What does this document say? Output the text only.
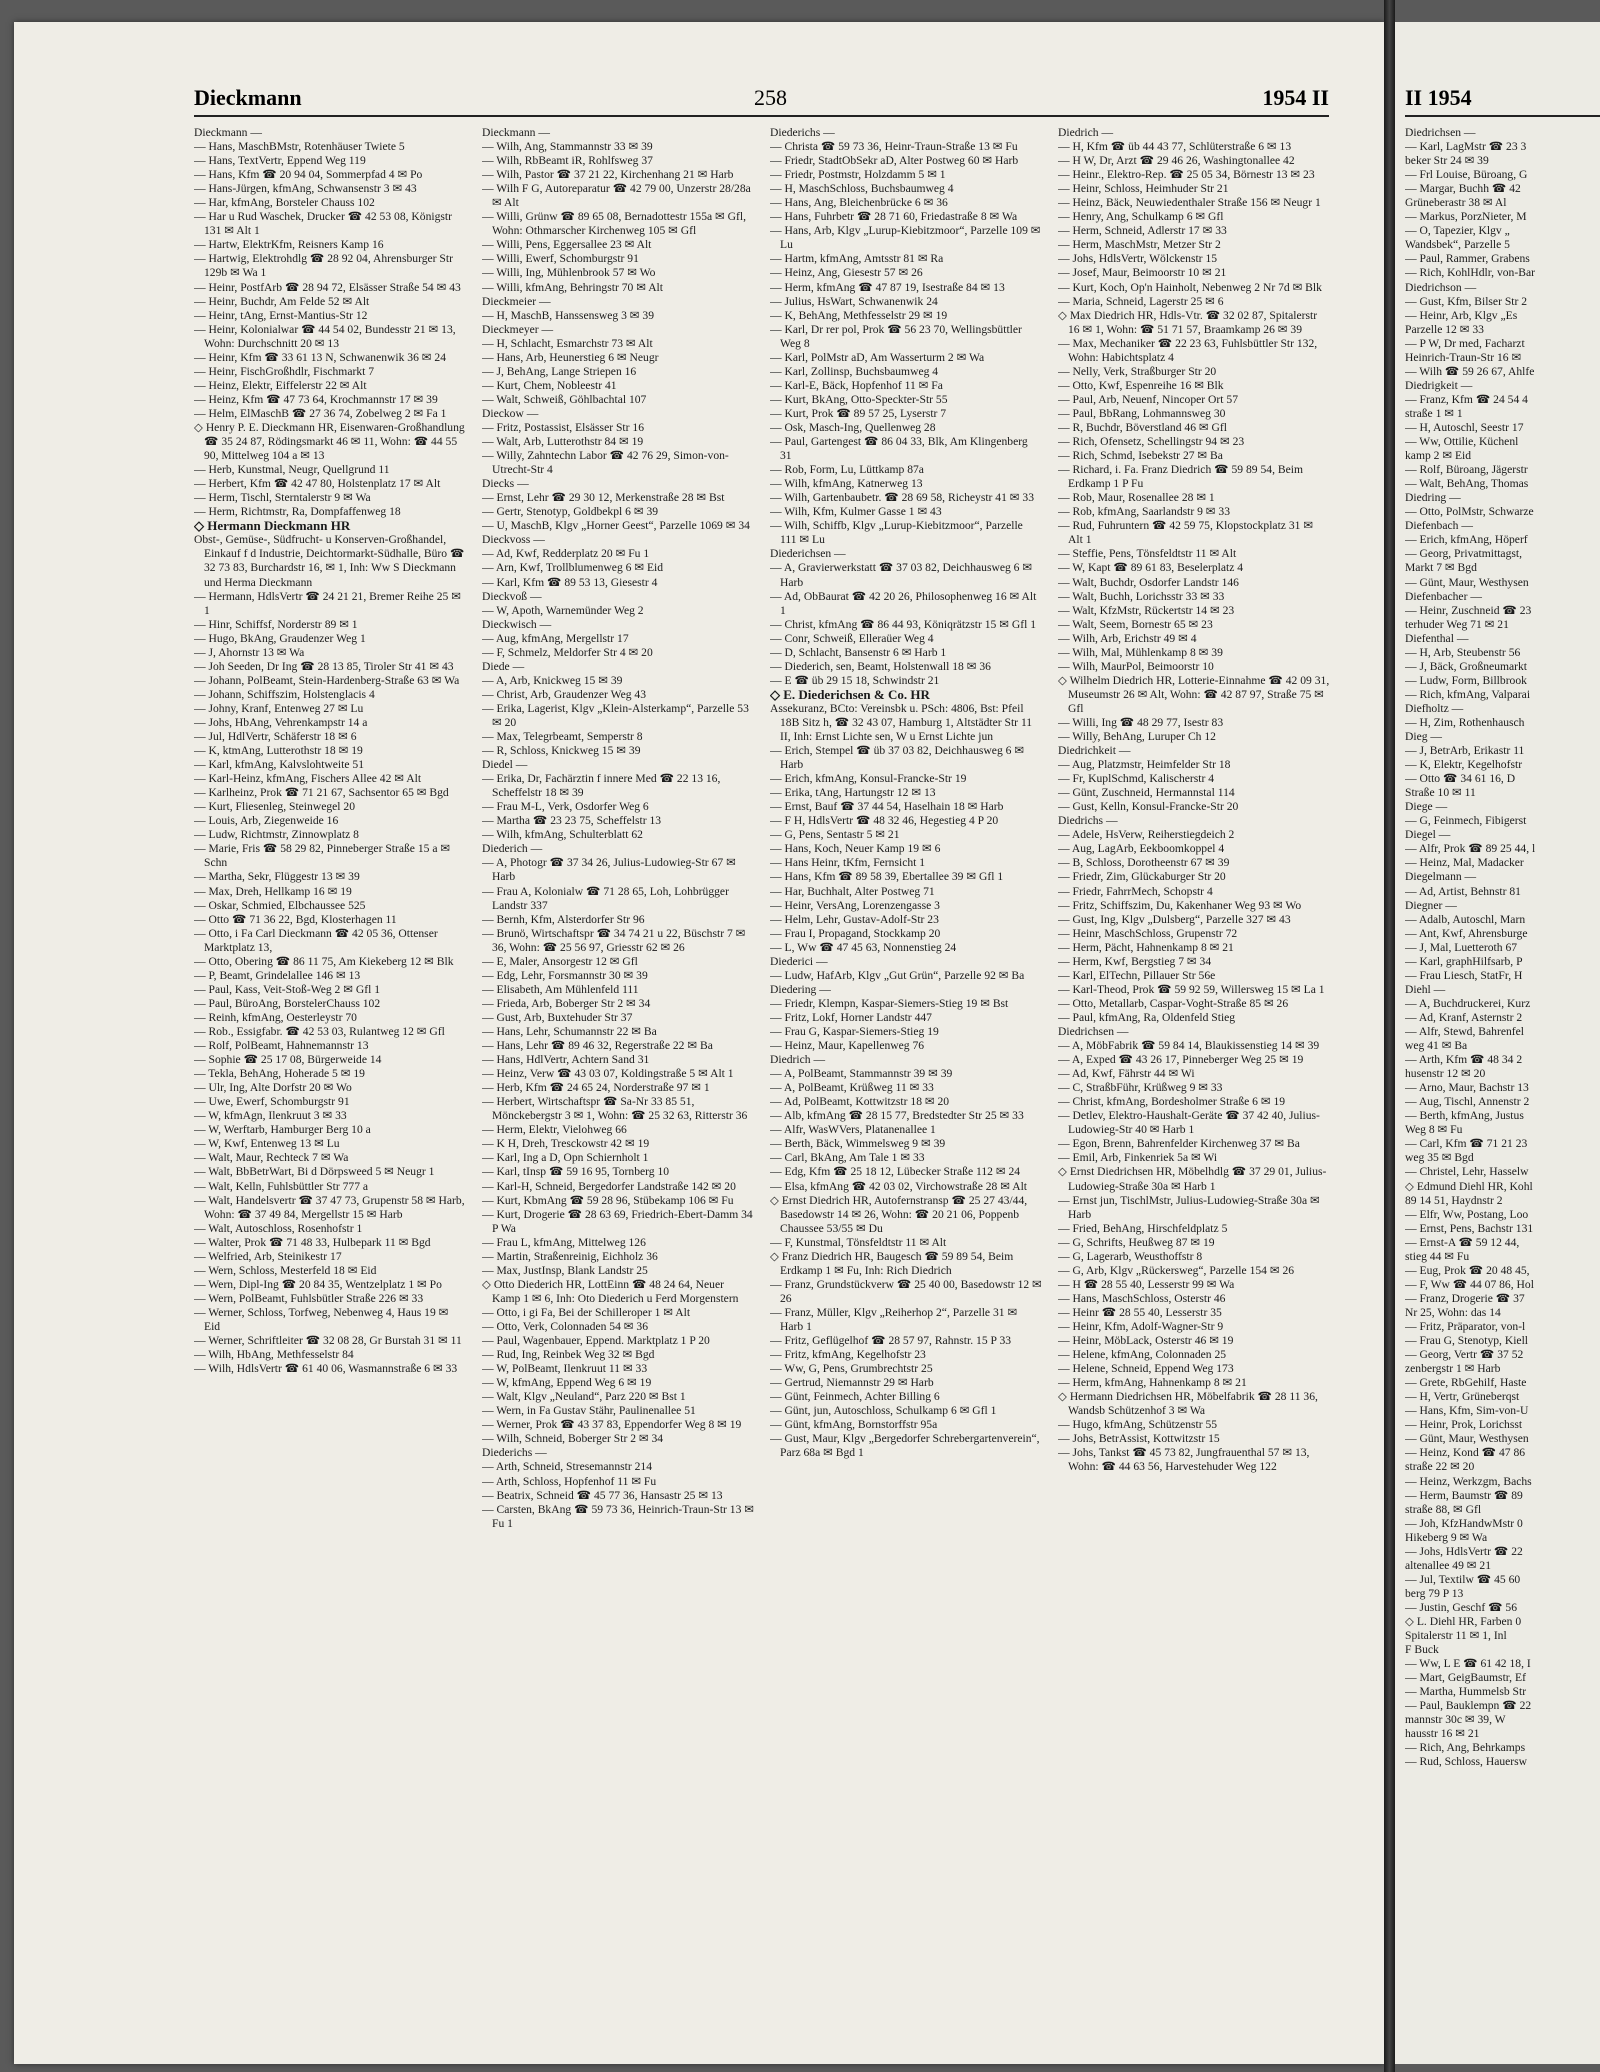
Dieckmann	258	1954 II
Dieckmann —
— Hans, MaschBMstr, Rotenhäuser Twiete 5
— Hans, TextVertr, Eppend Weg 119
— Hans, Kfm ☎ 20 94 04, Sommerpfad 4 ✉ Po
— Hans-Jürgen, kfmAng, Schwansenstr 3 ✉ 43
— Har, kfmAng, Borsteler Chauss 102
— Har u Rud Waschek, Drucker ☎ 42 53 08, Königstr 131 ✉ Alt 1
— Hartw, ElektrKfm, Reisners Kamp 16
— Hartwig, Elektrohdlg ☎ 28 92 04, Ahrensburger Str 129b ✉ Wa 1
— Heinr, PostfArb ☎ 28 94 72, Elsässer Straße 54 ✉ 43
— Heinr, Buchdr, Am Felde 52 ✉ Alt
— Heinr, tAng, Ernst-Mantius-Str 12
— Heinr, Kolonialwar ☎ 44 54 02, Bundesstr 21 ✉ 13, Wohn: Durchschnitt 20 ✉ 13
— Heinr, Kfm ☎ 33 61 13 N, Schwanenwik 36 ✉ 24
— Heinr, FischGroßhdlr, Fischmarkt 7
— Heinz, Elektr, Eiffelerstr 22 ✉ Alt
— Heinz, Kfm ☎ 47 73 64, Krochmannstr 17 ✉ 39
— Helm, ElMaschB ☎ 27 36 74, Zobelweg 2 ✉ Fa 1
◇ Henry P. E. Dieckmann HR, Eisenwaren-Großhandlung ☎ 35 24 87, Rödingsmarkt 46 ✉ 11, Wohn: ☎ 44 55 90, Mittelweg 104 a ✉ 13
— Herb, Kunstmal, Neugr, Quellgrund 11
— Herbert, Kfm ☎ 42 47 80, Holstenplatz 17 ✉ Alt
— Herm, Tischl, Sterntalerstr 9 ✉ Wa
— Herm, Richtmstr, Ra, Dompfaffenweg 18
◇ Hermann Dieckmann HR
Obst-, Gemüse-, Südfrucht- u Konserven-Großhandel, Einkauf f d Industrie, Deichtormarkt-Südhalle, Büro ☎ 32 73 83, Burchardstr 16, ✉ 1, Inh: Ww S Dieckmann und Herma Dieckmann
— Hermann, HdlsVertr ☎ 24 21 21, Bremer Reihe 25 ✉ 1
— Hinr, Schiffsf, Norderstr 89 ✉ 1
— Hugo, BkAng, Graudenzer Weg 1
— J, Ahornstr 13 ✉ Wa
— Joh Seeden, Dr Ing ☎ 28 13 85, Tiroler Str 41 ✉ 43
— Johann, PolBeamt, Stein-Hardenberg-Straße 63 ✉ Wa
— Johann, Schiffszim, Holstenglacis 4
— Johny, Kranf, Entenweg 27 ✉ Lu
— Johs, HbAng, Vehrenkampstr 14 a
— Jul, HdlVertr, Schäferstr 18 ✉ 6
— K, ktmAng, Lutterothstr 18 ✉ 19
— Karl, kfmAng, Kalvslohtweite 51
— Karl-Heinz, kfmAng, Fischers Allee 42 ✉ Alt
— Karlheinz, Prok ☎ 71 21 67, Sachsentor 65 ✉ Bgd
— Kurt, Fliesenleg, Steinwegel 20
— Louis, Arb, Ziegenweide 16
— Ludw, Richtmstr, Zinnowplatz 8
— Marie, Fris ☎ 58 29 82, Pinneberger Straße 15 a ✉ Schn
— Martha, Sekr, Flüggestr 13 ✉ 39
— Max, Dreh, Hellkamp 16 ✉ 19
— Oskar, Schmied, Elbchaussee 525
— Otto ☎ 71 36 22, Bgd, Klosterhagen 11
— Otto, i Fa Carl Dieckmann ☎ 42 05 36, Ottenser Marktplatz 13,
— Otto, Obering ☎ 86 11 75, Am Kiekeberg 12 ✉ Blk
— P, Beamt, Grindelallee 146 ✉ 13
— Paul, Kass, Veit-Stoß-Weg 2 ✉ Gfl 1
— Paul, BüroAng, BorstelerChauss 102
— Reinh, kfmAng, Oesterleystr 70
— Rob., Essigfabr. ☎ 42 53 03, Rulantweg 12 ✉ Gfl
— Rolf, PolBeamt, Hahnemannstr 13
— Sophie ☎ 25 17 08, Bürgerweide 14
— Tekla, BehAng, Hoherade 5 ✉ 19
— Ulr, Ing, Alte Dorfstr 20 ✉ Wo
— Uwe, Ewerf, Schomburgstr 91
— W, kfmAgn, Ilenkruut 3 ✉ 33
— W, Werftarb, Hamburger Berg 10 a
— W, Kwf, Entenweg 13 ✉ Lu
— Walt, Maur, Rechteck 7 ✉ Wa
— Walt, BbBetrWart, Bi d Dörpsweed 5 ✉ Neugr 1
— Walt, Kelln, Fuhlsbüttler Str 777 a
— Walt, Handelsvertr ☎ 37 47 73, Grupenstr 58 ✉ Harb, Wohn: ☎ 37 49 84, Mergellstr 15 ✉ Harb
— Walt, Autoschloss, Rosenhofstr 1
— Walter, Prok ☎ 71 48 33, Hulbepark 11 ✉ Bgd
— Welfried, Arb, Steinikestr 17
— Wern, Schloss, Mesterfeld 18 ✉ Eid
— Wern, Dipl-Ing ☎ 20 84 35, Wentzelplatz 1 ✉ Po
— Wern, PolBeamt, Fuhlsbütler Straße 226 ✉ 33
— Werner, Schloss, Torfweg, Nebenweg 4, Haus 19 ✉ Eid
— Werner, Schriftleiter ☎ 32 08 28, Gr Burstah 31 ✉ 11
— Wilh, HbAng, Methfesselstr 84
— Wilh, HdlsVertr ☎ 61 40 06, Wasmannstraße 6 ✉ 33
Dieckmann —
— Wilh, Ang, Stammannstr 33 ✉ 39
— Wilh, RbBeamt iR, Rohlfsweg 37
— Wilh, Pastor ☎ 37 21 22, Kirchenhang 21 ✉ Harb
— Wilh F G, Autoreparatur ☎ 42 79 00, Unzerstr 28/28a ✉ Alt
— Willi, Grünw ☎ 89 65 08, Bernadottestr 155a ✉ Gfl, Wohn: Othmarscher Kirchenweg 105 ✉ Gfl
— Willi, Pens, Eggersallee 23 ✉ Alt
— Willi, Ewerf, Schomburgstr 91
— Willi, Ing, Mühlenbrook 57 ✉ Wo
— Willi, kfmAng, Behringstr 70 ✉ Alt
Dieckmeier —
— H, MaschB, Hanssensweg 3 ✉ 39
Dieckmeyer —
— H, Schlacht, Esmarchstr 73 ✉ Alt
— Hans, Arb, Heunerstieg 6 ✉ Neugr
— J, BehAng, Lange Striepen 16
— Kurt, Chem, Nobleestr 41
— Walt, Schweiß, Göhlbachtal 107
Dieckow —
— Fritz, Postassist, Elsässer Str 16
— Walt, Arb, Lutterothstr 84 ✉ 19
— Willy, Zahntechn Labor ☎ 42 76 29, Simon-von-Utrecht-Str 4
Diecks —
— Ernst, Lehr ☎ 29 30 12, Merkenstraße 28 ✉ Bst
— Gertr, Stenotyp, Goldbekpl 6 ✉ 39
— U, MaschB, Klgv „Horner Geest“, Parzelle 1069 ✉ 34
Dieckvoss —
— Ad, Kwf, Redderplatz 20 ✉ Fu 1
— Arn, Kwf, Trollblumenweg 6 ✉ Eid
— Karl, Kfm ☎ 89 53 13, Giesestr 4
Dieckvoß —
— W, Apoth, Warnemünder Weg 2
Dieckwisch —
— Aug, kfmAng, Mergellstr 17
— F, Schmelz, Meldorfer Str 4 ✉ 20
Diede —
— A, Arb, Knickweg 15 ✉ 39
— Christ, Arb, Graudenzer Weg 43
— Erika, Lagerist, Klgv „Klein-Alsterkamp“, Parzelle 53 ✉ 20
— Max, Telegrbeamt, Semperstr 8
— R, Schloss, Knickweg 15 ✉ 39
Diedel —
— Erika, Dr, Fachärztin f innere Med ☎ 22 13 16, Scheffelstr 18 ✉ 39
— Frau M-L, Verk, Osdorfer Weg 6
— Martha ☎ 23 23 75, Scheffelstr 13
— Wilh, kfmAng, Schulterblatt 62
Diederich —
— A, Photogr ☎ 37 34 26, Julius-Ludowieg-Str 67 ✉ Harb
— Frau A, Kolonialw ☎ 71 28 65, Loh, Lohbrügger Landstr 337
— Bernh, Kfm, Alsterdorfer Str 96
— Brunö, Wirtschaftspr ☎ 34 74 21 u 22, Büschstr 7 ✉ 36, Wohn: ☎ 25 56 97, Griesstr 62 ✉ 26
— E, Maler, Ansorgestr 12 ✉ Gfl
— Edg, Lehr, Forsmannstr 30 ✉ 39
— Elisabeth, Am Mühlenfeld 111
— Frieda, Arb, Boberger Str 2 ✉ 34
— Gust, Arb, Buxtehuder Str 37
— Hans, Lehr, Schumannstr 22 ✉ Ba
— Hans, Lehr ☎ 89 46 32, Regerstraße 22 ✉ Ba
— Hans, HdlVertr, Achtern Sand 31
— Heinz, Verw ☎ 43 03 07, Koldingstraße 5 ✉ Alt 1
— Herb, Kfm ☎ 24 65 24, Norderstraße 97 ✉ 1
— Herbert, Wirtschaftspr ☎ Sa-Nr 33 85 51, Mönckebergstr 3 ✉ 1, Wohn: ☎ 25 32 63, Ritterstr 36
— Herm, Elektr, Vielohweg 66
— K H, Dreh, Tresckowstr 42 ✉ 19
— Karl, Ing a D, Opn Schiernholt 1
— Karl, tInsp ☎ 59 16 95, Tornberg 10
— Karl-H, Schneid, Bergedorfer Landstraße 142 ✉ 20
— Kurt, KbmAng ☎ 59 28 96, Stübekamp 106 ✉ Fu
— Kurt, Drogerie ☎ 28 63 69, Friedrich-Ebert-Damm 34 P Wa
— Frau L, kfmAng, Mittelweg 126
— Martin, Straßenreinig, Eichholz 36
— Max, JustInsp, Blank Landstr 25
◇ Otto Diederich HR, LottEinn ☎ 48 24 64, Neuer Kamp 1 ✉ 6, Inh: Oto Diederich u Ferd Morgenstern
— Otto, i gi Fa, Bei der Schilleroper 1 ✉ Alt
— Otto, Verk, Colonnaden 54 ✉ 36
— Paul, Wagenbauer, Eppend. Marktplatz 1 P 20
— Rud, Ing, Reinbek Weg 32 ✉ Bgd
— W, PolBeamt, Ilenkruut 11 ✉ 33
— W, kfmAng, Eppend Weg 6 ✉ 19
— Walt, Klgv „Neuland“, Parz 220 ✉ Bst 1
— Wern, in Fa Gustav Stähr, Paulinenallee 51
— Werner, Prok ☎ 43 37 83, Eppendorfer Weg 8 ✉ 19
— Wilh, Schneid, Boberger Str 2 ✉ 34
Diederichs —
— Arth, Schneid, Stresemannstr 214
— Arth, Schloss, Hopfenhof 11 ✉ Fu
— Beatrix, Schneid ☎ 45 77 36, Hansastr 25 ✉ 13
— Carsten, BkAng ☎ 59 73 36, Heinrich-Traun-Str 13 ✉ Fu 1
Diederichs —
— Christa ☎ 59 73 36, Heinr-Traun-Straße 13 ✉ Fu
— Friedr, StadtObSekr aD, Alter Postweg 60 ✉ Harb
— Friedr, Postmstr, Holzdamm 5 ✉ 1
— H, MaschSchloss, Buchsbaumweg 4
— Hans, Ang, Bleichenbrücke 6 ✉ 36
— Hans, Fuhrbetr ☎ 28 71 60, Friedastraße 8 ✉ Wa
— Hans, Arb, Klgv „Lurup-Kiebitzmoor“, Parzelle 109 ✉ Lu
— Hartm, kfmAng, Amtsstr 81 ✉ Ra
— Heinz, Ang, Giesestr 57 ✉ 26
— Herm, kfmAng ☎ 47 87 19, Isestraße 84 ✉ 13
— Julius, HsWart, Schwanenwik 24
— K, BehAng, Methfesselstr 29 ✉ 19
— Karl, Dr rer pol, Prok ☎ 56 23 70, Wellingsbüttler Weg 8
— Karl, PolMstr aD, Am Wasserturm 2 ✉ Wa
— Karl, Zollinsp, Buchsbaumweg 4
— Karl-E, Bäck, Hopfenhof 11 ✉ Fa
— Kurt, BkAng, Otto-Speckter-Str 55
— Kurt, Prok ☎ 89 57 25, Lyserstr 7
— Osk, Masch-Ing, Quellenweg 28
— Paul, Gartengest ☎ 86 04 33, Blk, Am Klingenberg 31
— Rob, Form, Lu, Lüttkamp 87a
— Wilh, kfmAng, Katnerweg 13
— Wilh, Gartenbaubetr. ☎ 28 69 58, Richeystr 41 ✉ 33
— Wilh, Kfm, Kulmer Gasse 1 ✉ 43
— Wilh, Schiffb, Klgv „Lurup-Kiebitzmoor“, Parzelle 111 ✉ Lu
Diederichsen —
— A, Gravierwerkstatt ☎ 37 03 82, Deichhausweg 6 ✉ Harb
— Ad, ObBaurat ☎ 42 20 26, Philosophenweg 16 ✉ Alt 1
— Christ, kfmAng ☎ 86 44 93, Köniqrätzstr 15 ✉ Gfl 1
— Conr, Schweiß, Elleraüer Weg 4
— D, Schlacht, Bansenstr 6 ✉ Harb 1
— Diederich, sen, Beamt, Holstenwall 18 ✉ 36
— E ☎ üb 29 15 18, Schwindstr 21
◇ E. Diederichsen & Co. HR
Assekuranz, BCto: Vereinsbk u. PSch: 4806, Bst: Pfeil 18B Sitz h, ☎ 32 43 07, Hamburg 1, Altstädter Str 11 II, Inh: Ernst Lichte sen, W u Ernst Lichte jun
— Erich, Stempel ☎ üb 37 03 82, Deichhausweg 6 ✉ Harb
— Erich, kfmAng, Konsul-Francke-Str 19
— Erika, tAng, Hartungstr 12 ✉ 13
— Ernst, Bauf ☎ 37 44 54, Haselhain 18 ✉ Harb
— F H, HdlsVertr ☎ 48 32 46, Hegestieg 4 P 20
— G, Pens, Sentastr 5 ✉ 21
— Hans, Koch, Neuer Kamp 19 ✉ 6
— Hans Heinr, tKfm, Fernsicht 1
— Hans, Kfm ☎ 89 58 39, Ebertallee 39 ✉ Gfl 1
— Har, Buchhalt, Alter Postweg 71
— Heinr, VersAng, Lorenzengasse 3
— Helm, Lehr, Gustav-Adolf-Str 23
— Frau I, Propagand, Stockkamp 20
— L, Ww ☎ 47 45 63, Nonnenstieg 24
Diederici —
— Ludw, HafArb, Klgv „Gut Grün“, Parzelle 92 ✉ Ba
Diedering —
— Friedr, Klempn, Kaspar-Siemers-Stieg 19 ✉ Bst
— Fritz, Lokf, Horner Landstr 447
— Frau G, Kaspar-Siemers-Stieg 19
— Heinz, Maur, Kapellenweg 76
Diedrich —
— A, PolBeamt, Stammannstr 39 ✉ 39
— A, PolBeamt, Krüßweg 11 ✉ 33
— Ad, PolBeamt, Kottwitzstr 18 ✉ 20
— Alb, kfmAng ☎ 28 15 77, Bredstedter Str 25 ✉ 33
— Alfr, WasWVers, Platanenallee 1
— Berth, Bäck, Wimmelsweg 9 ✉ 39
— Carl, BkAng, Am Tale 1 ✉ 33
— Edg, Kfm ☎ 25 18 12, Lübecker Straße 112 ✉ 24
— Elsa, kfmAng ☎ 42 03 02, Virchowstraße 28 ✉ Alt
◇ Ernst Diedrich HR, Autofernstransp ☎ 25 27 43/44, Basedowstr 14 ✉ 26, Wohn: ☎ 20 21 06, Poppenb Chaussee 53/55 ✉ Du
— F, Kunstmal, Tönsfeldtstr 11 ✉ Alt
◇ Franz Diedrich HR, Baugesch ☎ 59 89 54, Beim Erdkamp 1 ✉ Fu, Inh: Rich Diedrich
— Franz, Grundstückverw ☎ 25 40 00, Basedowstr 12 ✉ 26
— Franz, Müller, Klgv „Reiherhop 2“, Parzelle 31 ✉ Harb 1
— Fritz, Geflügelhof ☎ 28 57 97, Rahnstr. 15 P 33
— Fritz, kfmAng, Kegelhofstr 23
— Ww, G, Pens, Grumbrechtstr 25
— Gertrud, Niemannstr 29 ✉ Harb
— Günt, Feinmech, Achter Billing 6
— Günt, jun, Autoschloss, Schulkamp 6 ✉ Gfl 1
— Günt, kfmAng, Bornstorffstr 95a
— Gust, Maur, Klgv „Bergedorfer Schrebergartenverein“, Parz 68a ✉ Bgd 1
Diedrich —
— H, Kfm ☎ üb 44 43 77, Schlüterstraße 6 ✉ 13
— H W, Dr, Arzt ☎ 29 46 26, Washingtonallee 42
— Heinr., Elektro-Rep. ☎ 25 05 34, Börnestr 13 ✉ 23
— Heinr, Schloss, Heimhuder Str 21
— Heinz, Bäck, Neuwiedenthaler Straße 156 ✉ Neugr 1
— Henry, Ang, Schulkamp 6 ✉ Gfl
— Herm, Schneid, Adlerstr 17 ✉ 33
— Herm, MaschMstr, Metzer Str 2
— Johs, HdlsVertr, Wölckenstr 15
— Josef, Maur, Beimoorstr 10 ✉ 21
— Kurt, Koch, Op'n Hainholt, Nebenweg 2 Nr 7d ✉ Blk
— Maria, Schneid, Lagerstr 25 ✉ 6
◇ Max Diedrich HR, Hdls-Vtr. ☎ 32 02 87, Spitalerstr 16 ✉ 1, Wohn: ☎ 51 71 57, Braamkamp 26 ✉ 39
— Max, Mechaniker ☎ 22 23 63, Fuhlsbüttler Str 132, Wohn: Habichtsplatz 4
— Nelly, Verk, Straßburger Str 20
— Otto, Kwf, Espenreihe 16 ✉ Blk
— Paul, Arb, Neuenf, Nincoper Ort 57
— Paul, BbRang, Lohmannsweg 30
— R, Buchdr, Böverstland 46 ✉ Gfl
— Rich, Ofensetz, Schellingstr 94 ✉ 23
— Rich, Schmd, Isebekstr 27 ✉ Ba
— Richard, i. Fa. Franz Diedrich ☎ 59 89 54, Beim Erdkamp 1 P Fu
— Rob, Maur, Rosenallee 28 ✉ 1
— Rob, kfmAng, Saarlandstr 9 ✉ 33
— Rud, Fuhruntern ☎ 42 59 75, Klopstockplatz 31 ✉ Alt 1
— Steffie, Pens, Tönsfeldtstr 11 ✉ Alt
— W, Kapt ☎ 89 61 83, Beselerplatz 4
— Walt, Buchdr, Osdorfer Landstr 146
— Walt, Buchh, Lorichsstr 33 ✉ 33
— Walt, KfzMstr, Rückertstr 14 ✉ 23
— Walt, Seem, Bornestr 65 ✉ 23
— Wilh, Arb, Erichstr 49 ✉ 4
— Wilh, Mal, Mühlenkamp 8 ✉ 39
— Wilh, MaurPol, Beimoorstr 10
◇ Wilhelm Diedrich HR, Lotterie-Einnahme ☎ 42 09 31, Museumstr 26 ✉ Alt, Wohn: ☎ 42 87 97, Straße 75 ✉ Gfl
— Willi, Ing ☎ 48 29 77, Isestr 83
— Willy, BehAng, Luruper Ch 12
Diedrichkeit —
— Aug, Platzmstr, Heimfelder Str 18
— Fr, KuplSchmd, Kalischerstr 4
— Günt, Zuschneid, Hermannstal 114
— Gust, Kelln, Konsul-Francke-Str 20
Diedrichs —
— Adele, HsVerw, Reiherstiegdeich 2
— Aug, LagArb, Eekboomkoppel 4
— B, Schloss, Dorotheenstr 67 ✉ 39
— Friedr, Zim, Glückaburger Str 20
— Friedr, FahrrMech, Schopstr 4
— Fritz, Schiffszim, Du, Kakenhaner Weg 93 ✉ Wo
— Gust, Ing, Klgv „Dulsberg“, Parzelle 327 ✉ 43
— Heinr, MaschSchloss, Grupenstr 72
— Herm, Pächt, Hahnenkamp 8 ✉ 21
— Herm, Kwf, Bergstieg 7 ✉ 34
— Karl, ElTechn, Pillauer Str 56e
— Karl-Theod, Prok ☎ 59 92 59, Willersweg 15 ✉ La 1
— Otto, Metallarb, Caspar-Voght-Straße 85 ✉ 26
— Paul, kfmAng, Ra, Oldenfeld Stieg
Diedrichsen —
— A, MöbFabrik ☎ 59 84 14, Blaukissenstieg 14 ✉ 39
— A, Exped ☎ 43 26 17, Pinneberger Weg 25 ✉ 19
— Ad, Kwf, Fährstr 44 ✉ Wi
— C, StraßbFühr, Krüßweg 9 ✉ 33
— Christ, kfmAng, Bordesholmer Straße 6 ✉ 19
— Detlev, Elektro-Haushalt-Geräte ☎ 37 42 40, Julius-Ludowieg-Str 40 ✉ Harb 1
— Egon, Brenn, Bahrenfelder Kirchenweg 37 ✉ Ba
— Emil, Arb, Finkenriek 5a ✉ Wi
◇ Ernst Diedrichsen HR, Möbelhdlg ☎ 37 29 01, Julius-Ludowieg-Straße 30a ✉ Harb 1
— Ernst jun, TischlMstr, Julius-Ludowieg-Straße 30a ✉ Harb
— Fried, BehAng, Hirschfeldplatz 5
— G, Schrifts, Heußweg 87 ✉ 19
— G, Lagerarb, Weusthoffstr 8
— G, Arb, Klgv „Rückersweg“, Parzelle 154 ✉ 26
— H ☎ 28 55 40, Lesserstr 99 ✉ Wa
— Hans, MaschSchloss, Osterstr 46
— Heinr ☎ 28 55 40, Lesserstr 35
— Heinr, Kfm, Adolf-Wagner-Str 9
— Heinr, MöbLack, Osterstr 46 ✉ 19
— Helene, kfmAng, Colonnaden 25
— Helene, Schneid, Eppend Weg 173
— Herm, kfmAng, Hahnenkamp 8 ✉ 21
◇ Hermann Diedrichsen HR, Möbelfabrik ☎ 28 11 36, Wandsb Schützenhof 3 ✉ Wa
— Hugo, kfmAng, Schützenstr 55
— Johs, BetrAssist, Kottwitzstr 15
— Johs, Tankst ☎ 45 73 82, Jungfrauenthal 57 ✉ 13, Wohn: ☎ 44 63 56, Harvestehuder Weg 122
II 1954
Diedrichsen —
— Karl, LagMstr ☎ 23 3
beker Str 24 ✉ 39
— Frl Louise, Büroang, G
— Margar, Buchh ☎ 42
Grüneberastr 38 ✉ Al
— Markus, PorzNieter, M
— O, Tapezier, Klgv „
Wandsbek“, Parzelle 5
— Paul, Rammer, Grabens
— Rich, KohlHdlr, von-Bar
Diedrichson —
— Gust, Kfm, Bilser Str 2
— Heinr, Arb, Klgv „Es
Parzelle 12 ✉ 33
— P W, Dr med, Facharzt
Heinrich-Traun-Str 16 ✉
— Wilh ☎ 59 26 67, Ahlfe
Diedrigkeit —
— Franz, Kfm ☎ 24 54 4
straße 1 ✉ 1
— H, Autoschl, Seestr 17
— Ww, Ottilie, Küchenl
kamp 2 ✉ Eid
— Rolf, Büroang, Jägerstr
— Walt, BehAng, Thomas
Diedring —
— Otto, PolMstr, Schwarze
Diefenbach —
— Erich, kfmAng, Höperf
— Georg, Privatmittagst,
Markt 7 ✉ Bgd
— Günt, Maur, Westhysen
Diefenbacher —
— Heinr, Zuschneid ☎ 23
terhuder Weg 71 ✉ 21
Diefenthal —
— H, Arb, Steubenstr 56
— J, Bäck, Großneumarkt
— Ludw, Form, Billbrook
— Rich, kfmAng, Valparai
Diefholtz —
— H, Zim, Rothenhausch
Dieg —
— J, BetrArb, Erikastr 11
— K, Elektr, Kegelhofstr
— Otto ☎ 34 61 16, D
Straße 10 ✉ 11
Diege —
— G, Feinmech, Fibigerst
Diegel —
— Alfr, Prok ☎ 89 25 44, l
— Heinz, Mal, Madacker
Diegelmann —
— Ad, Artist, Behnstr 81
Diegner —
— Adalb, Autoschl, Marn
— Ant, Kwf, Ahrensburge
— J, Mal, Luetteroth 67
— Karl, graphHilfsarb, P
— Frau Liesch, StatFr, H
Diehl —
— A, Buchdruckerei, Kurz
— Ad, Kranf, Asternstr 2
— Alfr, Stewd, Bahrenfel
weg 41 ✉ Ba
— Arth, Kfm ☎ 48 34 2
husenstr 12 ✉ 20
— Arno, Maur, Bachstr 13
— Aug, Tischl, Annenstr 2
— Berth, kfmAng, Justus
Weg 8 ✉ Fu
— Carl, Kfm ☎ 71 21 23
weg 35 ✉ Bgd
— Christel, Lehr, Hasselw
◇ Edmund Diehl HR, Kohl
89 14 51, Haydnstr 2
— Elfr, Ww, Postang, Loo
— Ernst, Pens, Bachstr 131
— Ernst-A ☎ 59 12 44,
stieg 44 ✉ Fu
— Eug, Prok ☎ 20 48 45,
— F, Ww ☎ 44 07 86, Hol
— Franz, Drogerie ☎ 37
Nr 25, Wohn: das 14
— Fritz, Präparator, von-l
— Frau G, Stenotyp, Kiell
— Georg, Vertr ☎ 37 52
zenbergstr 1 ✉ Harb
— Grete, RbGehilf, Haste
— H, Vertr, Grüneberqst
— Hans, Kfm, Sim-von-U
— Heinr, Prok, Lorichsst
— Günt, Maur, Westhysen
— Heinz, Kond ☎ 47 86
straße 22 ✉ 20
— Heinz, Werkzgm, Bachs
— Herm, Baumstr ☎ 89
straße 88, ✉ Gfl
— Joh, KfzHandwMstr 0
Hikeberg 9 ✉ Wa
— Johs, HdlsVertr ☎ 22
altenallee 49 ✉ 21
— Jul, Textilw ☎ 45 60
berg 79 P 13
— Justin, Geschf ☎ 56
◇ L. Diehl HR, Farben 0
Spitalerstr 11 ✉ 1, Inl
F Buck
— Ww, L E ☎ 61 42 18, I
— Mart, GeigBaumstr, Ef
— Martha, Hummelsb Str
— Paul, Bauklempn ☎ 22
mannstr 30c ✉ 39, W
hausstr 16 ✉ 21
— Rich, Ang, Behrkamps
— Rud, Schloss, Hauersw
